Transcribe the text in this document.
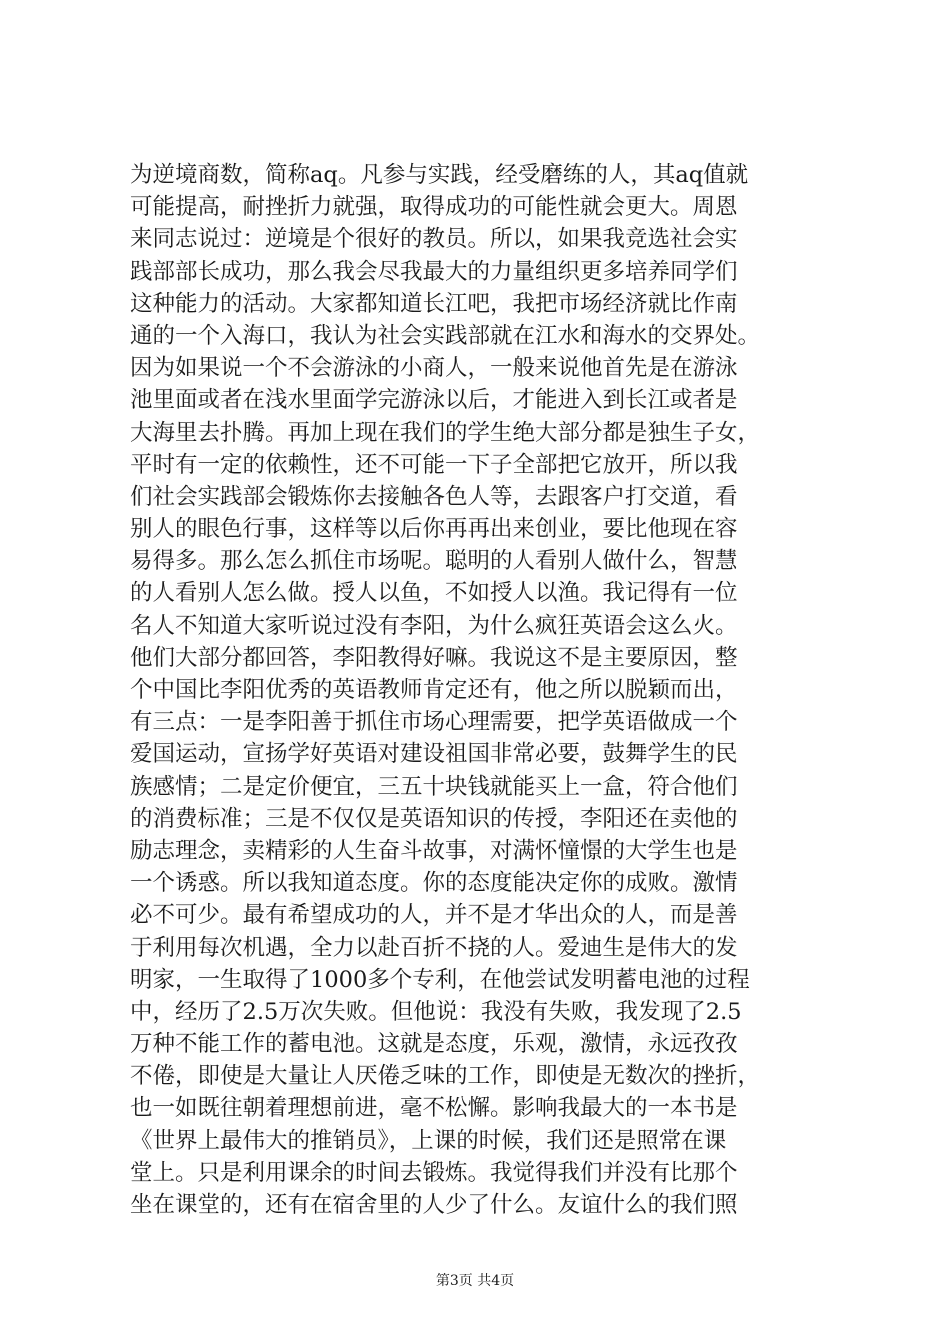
为逆境商数，简称aq。凡参与实践，经受磨练的人，其aq值就
可能提高，耐挫折力就强，取得成功的可能性就会更大。周恩
来同志说过：逆境是个很好的教员。所以，如果我竞选社会实
践部部长成功，那么我会尽我最大的力量组织更多培养同学们
这种能力的活动。大家都知道长江吧，我把市场经济就比作南
通的一个入海口，我认为社会实践部就在江水和海水的交界处。
因为如果说一个不会游泳的小商人，一般来说他首先是在游泳
池里面或者在浅水里面学完游泳以后，才能进入到长江或者是
大海里去扑腾。再加上现在我们的学生绝大部分都是独生子女，
平时有一定的依赖性，还不可能一下子全部把它放开，所以我
们社会实践部会锻炼你去接触各色人等，去跟客户打交道，看
别人的眼色行事，这样等以后你再再出来创业，要比他现在容
易得多。那么怎么抓住市场呢。聪明的人看别人做什么，智慧
的人看别人怎么做。授人以鱼，不如授人以渔。我记得有一位
名人不知道大家听说过没有李阳，为什么疯狂英语会这么火。
他们大部分都回答，李阳教得好嘛。我说这不是主要原因，整
个中国比李阳优秀的英语教师肯定还有，他之所以脱颖而出，
有三点：一是李阳善于抓住市场心理需要，把学英语做成一个
爱国运动，宣扬学好英语对建设祖国非常必要，鼓舞学生的民
族感情；二是定价便宜，三五十块钱就能买上一盒，符合他们
的消费标准；三是不仅仅是英语知识的传授，李阳还在卖他的
励志理念，卖精彩的人生奋斗故事，对满怀憧憬的大学生也是
一个诱惑。所以我知道态度。你的态度能决定你的成败。激情
必不可少。最有希望成功的人，并不是才华出众的人，而是善
于利用每次机遇，全力以赴百折不挠的人。爱迪生是伟大的发
明家，一生取得了1000多个专利，在他尝试发明蓄电池的过程
中，经历了2.5万次失败。但他说：我没有失败，我发现了2.5
万种不能工作的蓄电池。这就是态度，乐观，激情，永远孜孜
不倦，即使是大量让人厌倦乏味的工作，即使是无数次的挫折，
也一如既往朝着理想前进，毫不松懈。影响我最大的一本书是
《世界上最伟大的推销员》，上课的时候，我们还是照常在课
堂上。只是利用课余的时间去锻炼。我觉得我们并没有比那个
坐在课堂的，还有在宿舍里的人少了什么。友谊什么的我们照
第3页 共4页
